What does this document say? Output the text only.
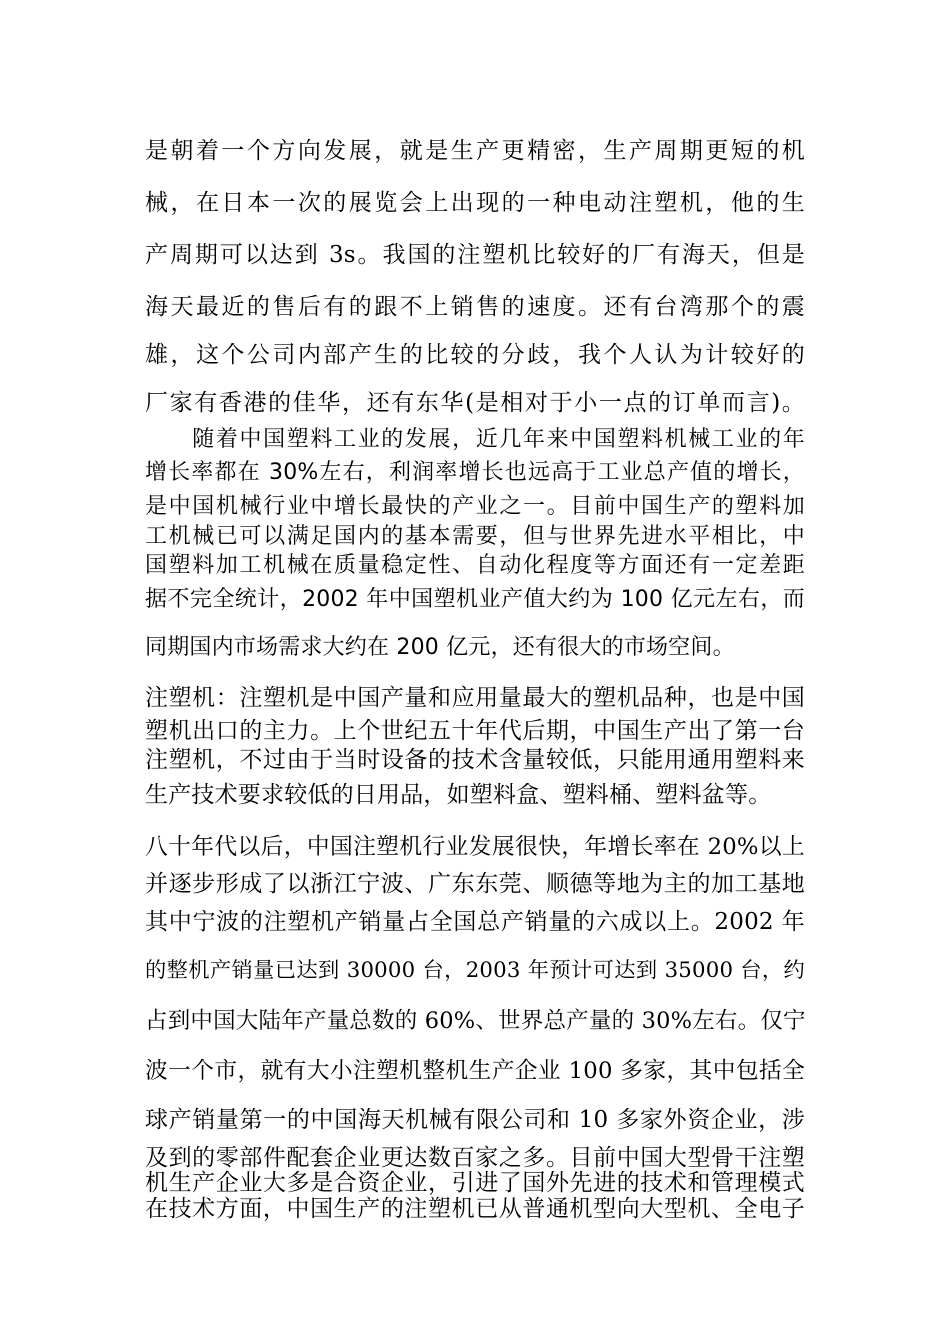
是朝着一个方向发展，就是生产更精密，生产周期更短的机
械，在日本一次的展览会上出现的一种电动注塑机，他的生
产周期可以达到 3s。我国的注塑机比较好的厂有海天，但是
海天最近的售后有的跟不上销售的速度。还有台湾那个的震
雄，这个公司内部产生的比较的分歧，我个人认为计较好的
厂家有香港的佳华，还有东华(是相对于小一点的订单而言)。
　　随着中国塑料工业的发展，近几年来中国塑料机械工业的年
增长率都在 30%左右，利润率增长也远高于工业总产值的增长，
是中国机械行业中增长最快的产业之一。目前中国生产的塑料加
工机械已可以满足国内的基本需要，但与世界先进水平相比，中
国塑料加工机械在质量稳定性、自动化程度等方面还有一定差距
据不完全统计，2002 年中国塑机业产值大约为 100 亿元左右，而
同期国内市场需求大约在 200 亿元，还有很大的市场空间。
注塑机：注塑机是中国产量和应用量最大的塑机品种，也是中国
塑机出口的主力。上个世纪五十年代后期，中国生产出了第一台
注塑机，不过由于当时设备的技术含量较低，只能用通用塑料来
生产技术要求较低的日用品，如塑料盒、塑料桶、塑料盆等。
八十年代以后，中国注塑机行业发展很快，年增长率在 20%以上
并逐步形成了以浙江宁波、广东东莞、顺德等地为主的加工基地
其中宁波的注塑机产销量占全国总产销量的六成以上。2002 年
的整机产销量已达到 30000 台，2003 年预计可达到 35000 台，约
占到中国大陆年产量总数的 60%、世界总产量的 30%左右。仅宁
波一个市，就有大小注塑机整机生产企业 100 多家，其中包括全
球产销量第一的中国海天机械有限公司和 10 多家外资企业，涉
及到的零部件配套企业更达数百家之多。目前中国大型骨干注塑
机生产企业大多是合资企业，引进了国外先进的技术和管理模式
在技术方面，中国生产的注塑机已从普通机型向大型机、全电子
